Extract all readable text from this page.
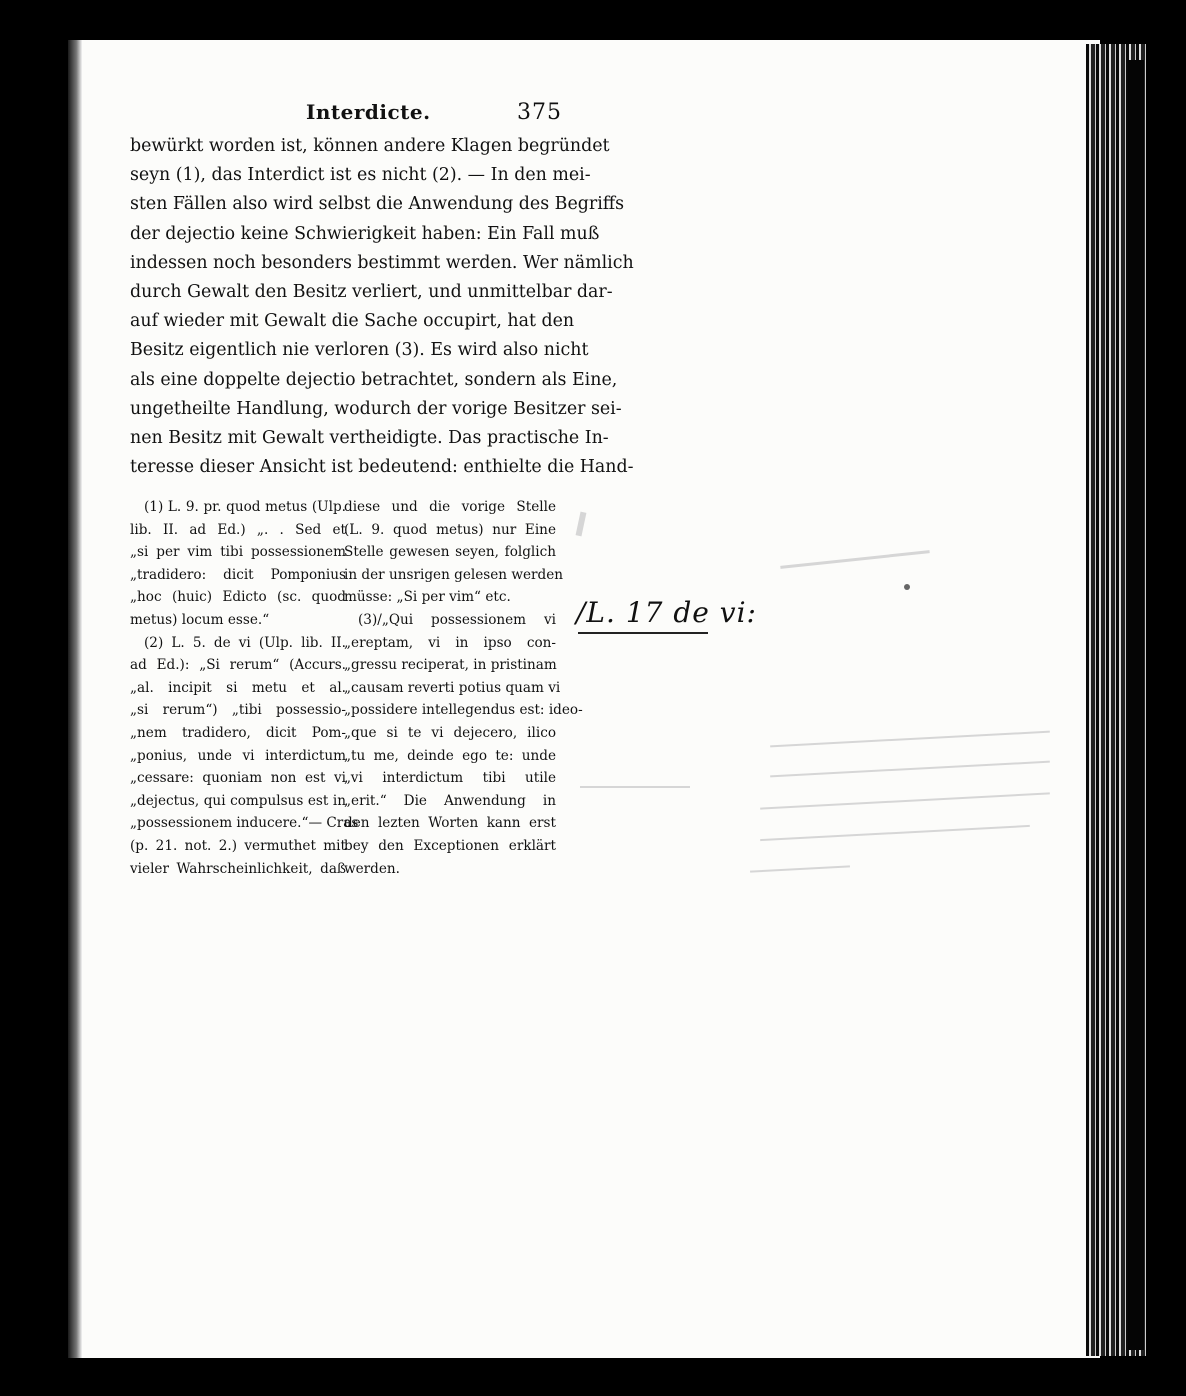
Interdicte.	375
bewürkt worden ist, können andere Klagen begründet
seyn (1), das Interdict ist es nicht (2). — In den mei-
sten Fällen also wird selbst die Anwendung des Begriffs
der dejectio keine Schwierigkeit haben: Ein Fall muß
indessen noch besonders bestimmt werden. Wer nämlich
durch Gewalt den Besitz verliert, und unmittelbar dar-
auf wieder mit Gewalt die Sache occupirt, hat den
Besitz eigentlich nie verloren (3). Es wird also nicht
als eine doppelte dejectio betrachtet, sondern als Eine,
ungetheilte Handlung, wodurch der vorige Besitzer sei-
nen Besitz mit Gewalt vertheidigte. Das practische In-
teresse dieser Ansicht ist bedeutend: enthielte die Hand-
(1) L. 9. pr. quod metus (Ulp.
lib. II. ad Ed.) „. . Sed et
„si per vim tibi possessionem
„tradidero: dicit Pomponius
„hoc (huic) Edicto (sc. quod
metus) locum esse.“
(2) L. 5. de vi (Ulp. lib. II.
ad Ed.): „Si rerum“ (Accurs.
„al. incipit si metu et al.
„si rerum“) „tibi possessio-
„nem tradidero, dicit Pom-
„ponius, unde vi interdictum
„cessare: quoniam non est vi
„dejectus, qui compulsus est in
„possessionem inducere.“— Cras
(p. 21. not. 2.) vermuthet mit
vieler Wahrscheinlichkeit, daß
diese und die vorige Stelle
(L. 9. quod metus) nur Eine
Stelle gewesen seyen, folglich
in der unsrigen gelesen werden
müsse: „Si per vim“ etc.
(3)/„Qui possessionem vi
„ereptam, vi in ipso con-
„gressu reciperat, in pristinam
„causam reverti potius quam vi
„possidere intellegendus est: ideo-
„que si te vi dejecero, ilico
„tu me, deinde ego te: unde
„vi interdictum tibi utile
„erit.“ Die Anwendung in
den lezten Worten kann erst
bey den Exceptionen erklärt
werden.
/L. 17 de vi:
